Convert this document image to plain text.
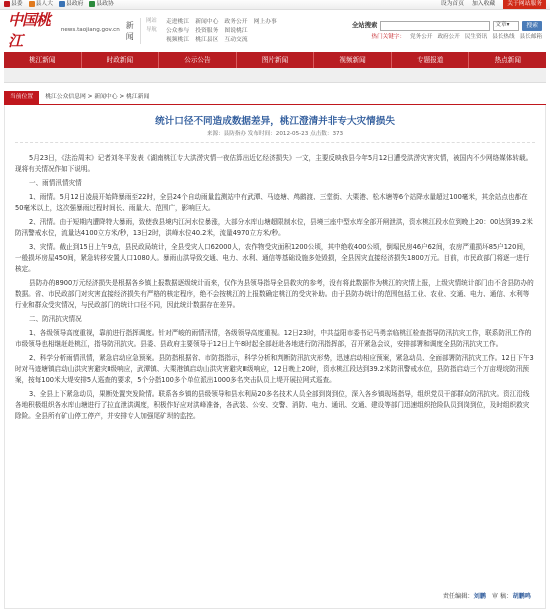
县委	县人大	县政府	县政协	设为首页 加入收藏	关于网站服务
中国桃江
news.taojiang.gov.cn
新闻
网站	走进桃江 新闻中心 政务公开 网上办事
导航	公众参与 投资服务 图说桃江
视频桃江 桃江县区 互动交流
全站搜索	文章 ▾	搜索
热门关键字： 党务公开 政府公开 民生资讯 县长热线 县长邮箱
桃江新闻	时政新闻	公示公告	图片新闻	视频新闻	专题报道	热点新闻
当前位置	桃江公众信息网 > 新闻中心 > 桃江新闻
统计口径不同造成数据差异，桃江澄清并非专大灾情损失
来源：县防指办 发布时间：2012-05-23 点击数：373

5月23日，《法治周末》记者刘冬平发表《湖南桃江专大洪涝灾情一夜估算出近亿经济损失》一文，主要反映我县今年5月12日遭受洪涝灾害灾情，被国内不少网络媒体转载。现将有关情况作如下说明。

一、雨情汛情灾情

1、雨情。5月12日凌晨开始降暴雨至22时，全县24个自动雨量监测站中有武潭、马迹塘、鸬鹚渡、三堂街、大栗港、松木塘等6个站降水量超过100毫米，其余站点也都在50毫米以上，这次强暴雨过程时间长、雨量大、范围广，影响巨大。

2、汛情。由于短期内遭降特大暴雨，致使我县境内江河水位暴涨，大部分水库山塘超限制水位，县境三座中型水库全部开闸泄洪，资水桃江段水位到晚上20：00达到39.2米防汛警戒水位，流量达4100立方米/秒，13日2时，洪峰水位40.2米，流量4970立方米/秒。

3、灾情。截止到15日上午9点，县民政局统计，全县受灾人口62000人，农作物受灾面积1200公顷，其中绝收400公顷，倒塌民房46户62间，农房严重损坏85户120间，一般损坏房屋450间，紧急转移安置人口1080人。暴雨山洪导致交通、电力、水利、通信等基础设施多处毁损，全县因灾直接经济损失1800万元。目前，市民政部门将逐一进行核定。

县防办的8900万元经济损失是根据各乡镇上报数据逐级统计而来，仅作为县领导指导全县救灾的参考，没有将此数据作为桃江的灾情上报，上级灾情统计部门由不含县防办的数据。省、市民政部门对灾害直接经济损失有严格的核定程序，绝不会按桃江的上报数确定桃江的受灾补助。由于县防办统计的范围包括工业、农业、交通、电力、通信、水利等行业和群众受灾情况，与民政部门的统计口径不同，因此统计数据存在差异。

二、防汛抗灾情况

1、各级领导高度重视，靠前进行指挥调度。针对严峻的雨情汛情，各级领导高度重视。12日23时，中共益阳市委书记马勇亲临桃江检查指导防汛抗灾工作，联系防汛工作的市级领导也相继赶赴桃江，指导防汛抗灾。县委、县政府主要领导于12日上午8时起全部赶赴各地进行防汛指挥部，召开紧急会议，安排部署和调度全县防汛抗灾工作。

2、科学分析雨情汛情，紧急启动应急预案。县防指根据省、市防指指示，科学分析和判断防汛抗灾形势，迅速启动相应预案，紧急动员、全面部署防汛抗灾工作。12日下午3时对马迹塘镇启动山洪灾害避灾Ⅱ级响应，武潭镇、大栗港镇启动山洪灾害避灾Ⅲ级响应，12日晚上20时，资水桃江段达到39.2米防汛警戒水位，县防指启动三个万亩堤垸防汛预案，按每100米大堤安排5人巡查的要求，5个分指100多个单位派出1000多名突击队员上堤开展拉网式巡查。

3、全县上下紧急动员，果断处置突发险情。联系各乡镇的县级领导和县水利局20多名技术人员全部到岗到位，深入各乡镇现场指导，组织党员干部群众防汛抗灾。资江沿线各地积极组织各水库山塘进行了拉直泄洪调度，积极作好应对洪峰准备，各武装、公安、交警、消防、电力、通讯、交通、建设等部门迅速组织抢险队员到岗到位，及时组织救灾除险。全县所有矿山停工停产，并安排专人加强尾矿坝的监控。

责任编辑：刘鹏 审 稿：胡鹏鸣
